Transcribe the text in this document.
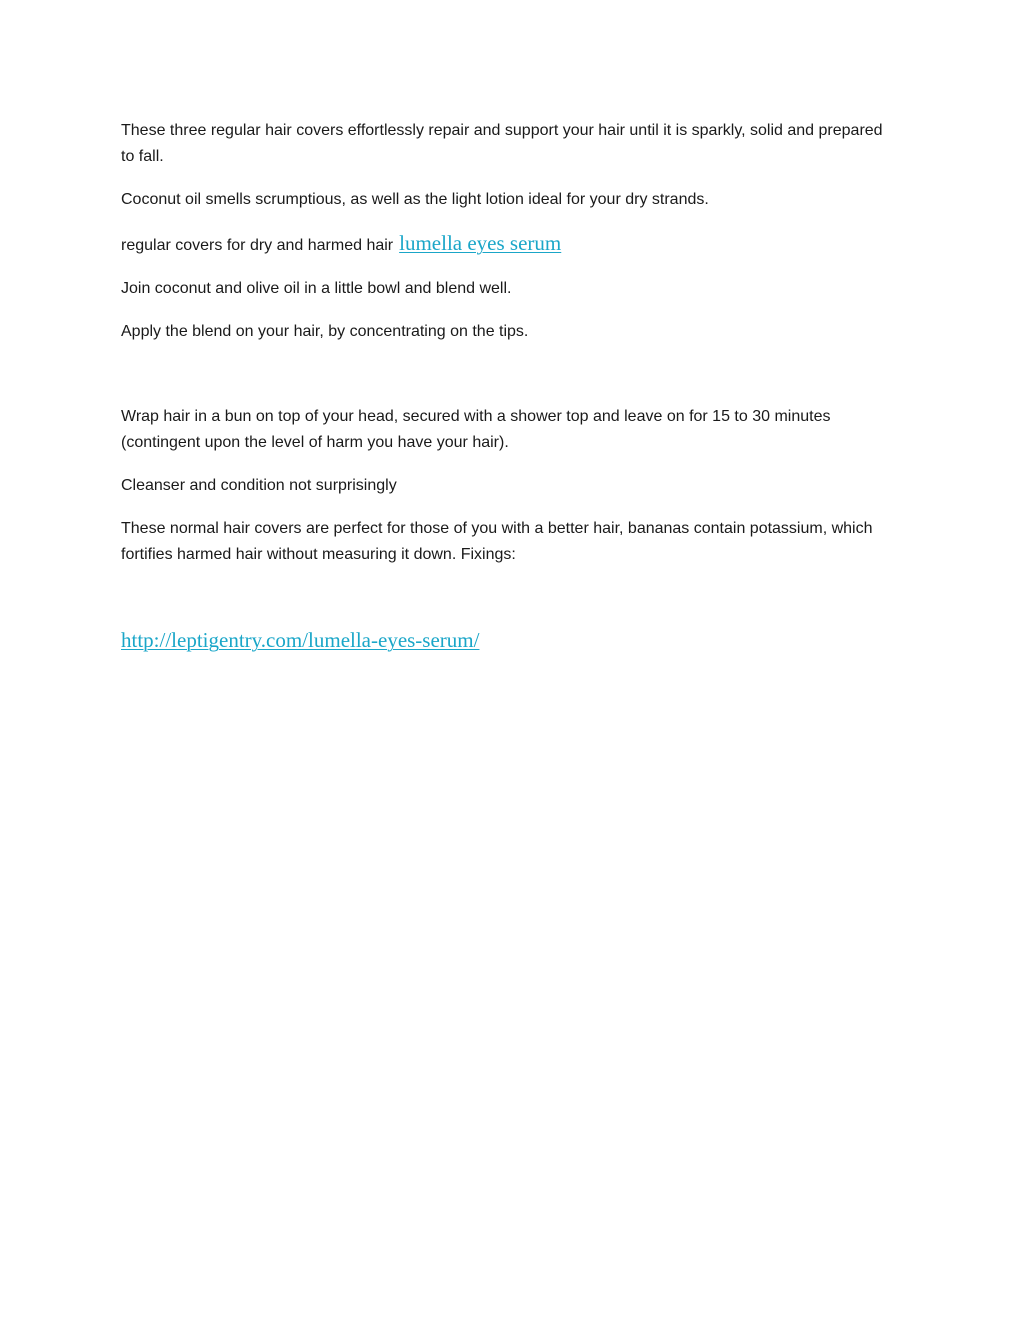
These three regular hair covers effortlessly repair and support your hair until it is sparkly, solid and prepared to fall.

Coconut oil smells scrumptious, as well as the light lotion ideal for your dry strands.

regular covers for dry and harmed hair lumella eyes serum

Join coconut and olive oil in a little bowl and blend well.

Apply the blend on your hair, by concentrating on the tips.

Wrap hair in a bun on top of your head, secured with a shower top and leave on for 15 to 30 minutes (contingent upon the level of harm you have your hair).

Cleanser and condition not surprisingly

These normal hair covers are perfect for those of you with a better hair, bananas contain potassium, which fortifies harmed hair without measuring it down. Fixings:

http://leptigentry.com/lumella-eyes-serum/
